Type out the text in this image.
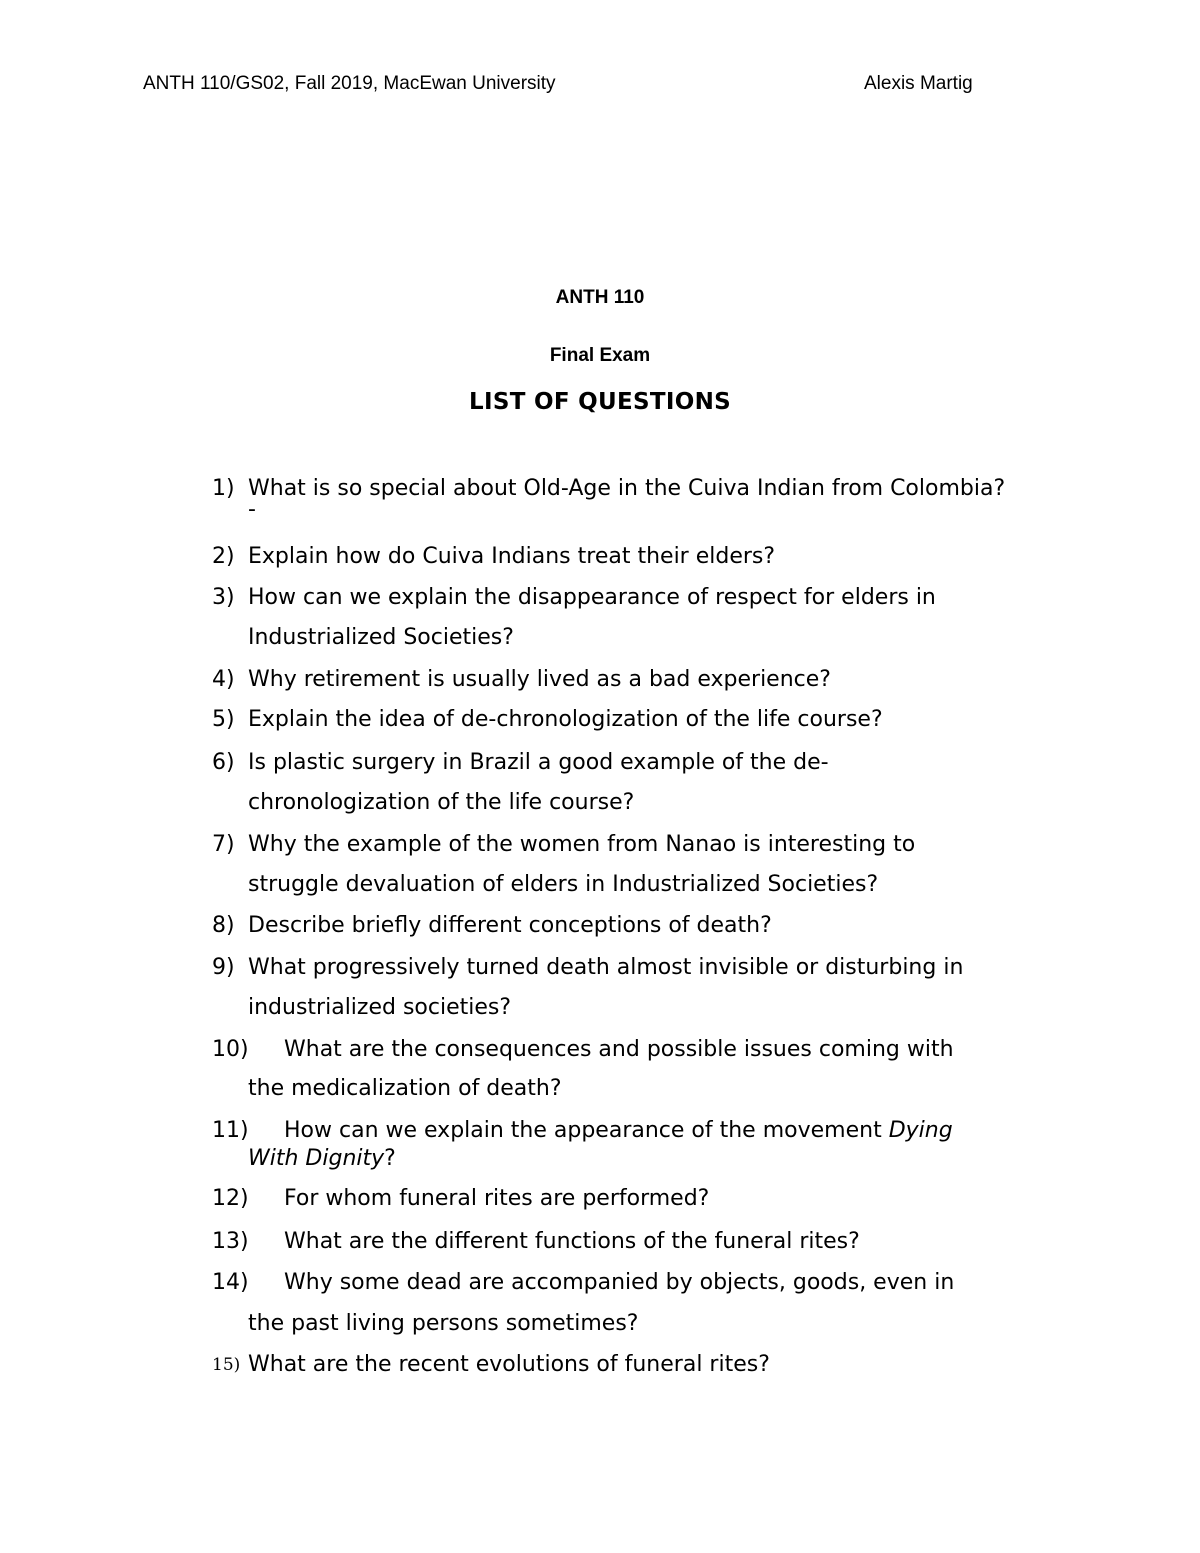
ANTH 110/GS02, Fall 2019, MacEwan University	Alexis Martig
ANTH 110
Final Exam
LIST OF QUESTIONS
1) What is so special about Old-Age in the Cuiva Indian from Colombia?
-
2) Explain how do Cuiva Indians treat their elders?
3) How can we explain the disappearance of respect for elders in
Industrialized Societies?
4) Why retirement is usually lived as a bad experience?
5) Explain the idea of de-chronologization of the life course?
6) Is plastic surgery in Brazil a good example of the de-
chronologization of the life course?
7) Why the example of the women from Nanao is interesting to
struggle devaluation of elders in Industrialized Societies?
8) Describe briefly different conceptions of death?
9) What progressively turned death almost invisible or disturbing in
industrialized societies?
10) What are the consequences and possible issues coming with
the medicalization of death?
11) How can we explain the appearance of the movement Dying
With Dignity?
12) For whom funeral rites are performed?
13) What are the different functions of the funeral rites?
14) Why some dead are accompanied by objects, goods, even in
the past living persons sometimes?
15) What are the recent evolutions of funeral rites?
